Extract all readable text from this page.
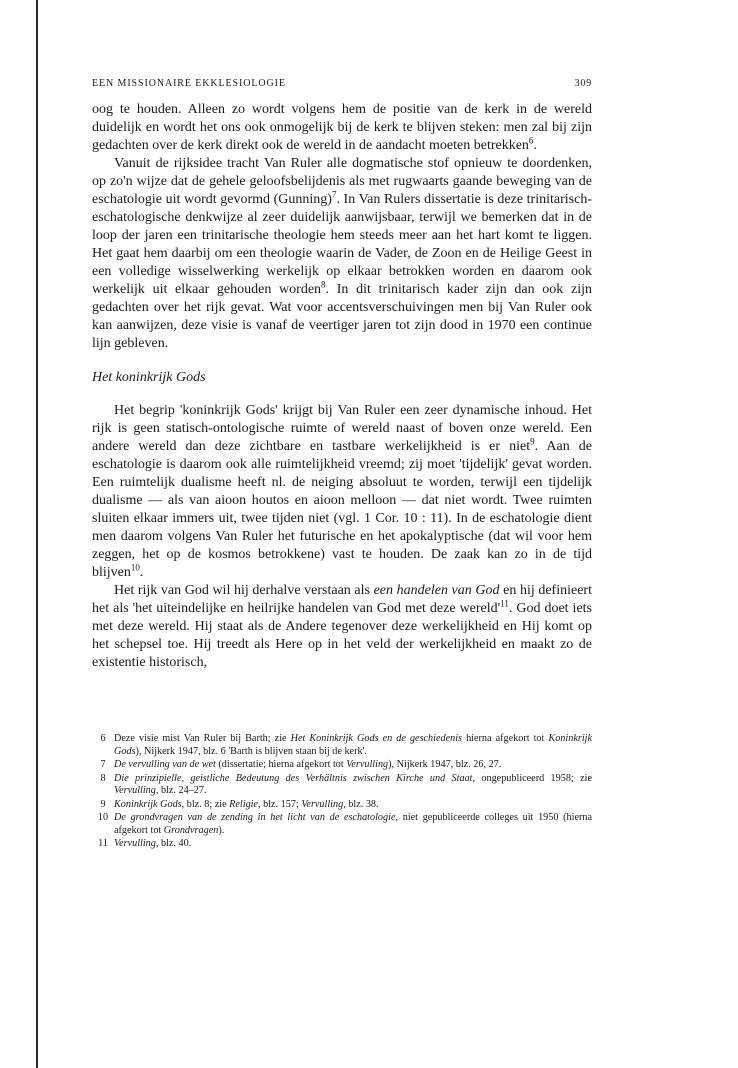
EEN MISSIONAIRE EKKLESIOLOGIE	309

oog te houden. Alleen zo wordt volgens hem de positie van de kerk in de wereld duidelijk en wordt het ons ook onmogelijk bij de kerk te blijven steken: men zal bij zijn gedachten over de kerk direkt ook de wereld in de aandacht moeten betrekken$^6$.

Vanuit de rijksidee tracht Van Ruler alle dogmatische stof opnieuw te doordenken, op zo'n wijze dat de gehele geloofsbelijdenis als met rugwaarts gaande beweging van de eschatologie uit wordt gevormd (Gunning)$^7$. In Van Rulers dissertatie is deze trinitarisch-eschatologische denkwijze al zeer duidelijk aanwijsbaar, terwijl we bemerken dat in de loop der jaren een trinitarische theologie hem steeds meer aan het hart komt te liggen. Het gaat hem daarbij om een theologie waarin de Vader, de Zoon en de Heilige Geest in een volledige wisselwerking werkelijk op elkaar betrokken worden en daarom ook werkelijk uit elkaar gehouden worden$^8$. In dit trinitarisch kader zijn dan ook zijn gedachten over het rijk gevat. Wat voor accentsverschuivingen men bij Van Ruler ook kan aanwijzen, deze visie is vanaf de veertiger jaren tot zijn dood in 1970 een continue lijn gebleven.

Het koninkrijk Gods

Het begrip 'koninkrijk Gods' krijgt bij Van Ruler een zeer dynamische inhoud. Het rijk is geen statisch-ontologische ruimte of wereld naast of boven onze wereld. Een andere wereld dan deze zichtbare en tastbare werkelijkheid is er niet$^9$. Aan de eschatologie is daarom ook alle ruimtelijkheid vreemd; zij moet 'tijdelijk' gevat worden. Een ruimtelijk dualisme heeft nl. de neiging absoluut te worden, terwijl een tijdelijk dualisme — als van aioon houtos en aioon melloon — dat niet wordt. Twee ruimten sluiten elkaar immers uit, twee tijden niet (vgl. 1 Cor. 10 : 11). In de eschatologie dient men daarom volgens Van Ruler het futurische en het apokalyptische (dat wil voor hem zeggen, het op de kosmos betrokkene) vast te houden. De zaak kan zo in de tijd blijven$^{10}$.

Het rijk van God wil hij derhalve verstaan als een handelen van God en hij definieert het als 'het uiteindelijke en heilrijke handelen van God met deze $wereld'^{11}$. God doet iets met deze wereld. Hij staat als de Andere tegenover deze werkelijkheid en Hij komt op het schepsel toe. Hij treedt als Here op in het veld der werkelijkheid en maakt zo de existentie historisch,

6 Deze visie mist Van Ruler bij Barth; zie Het Koninkrijk Gods en de geschiedenis hierna afgekort tot Koninkrijk Gods), Nijkerk 1947, blz. 6 'Barth is blijven staan bij de kerk'.
7 De vervulling van de wet (dissertatie; hierna afgekort tot Vervulling), Nijkerk 1947, blz. 26, 27.
8 Die prinzipielle, geistliche Bedeutung des Verhältnis zwischen Kirche und Staat, ongepubliceerd 1958; zie Vervulling, blz. 24–27.
9 Koninkrijk Gods, blz. 8; zie Religie, blz. 157; Vervulling, blz. 38.
10 De grondvragen van de zending in het licht van de eschatologie, niet gepubliceerde colleges uit 1950 (hierna afgekort tot Grondvragen).
11 Vervulling, blz. 40.
